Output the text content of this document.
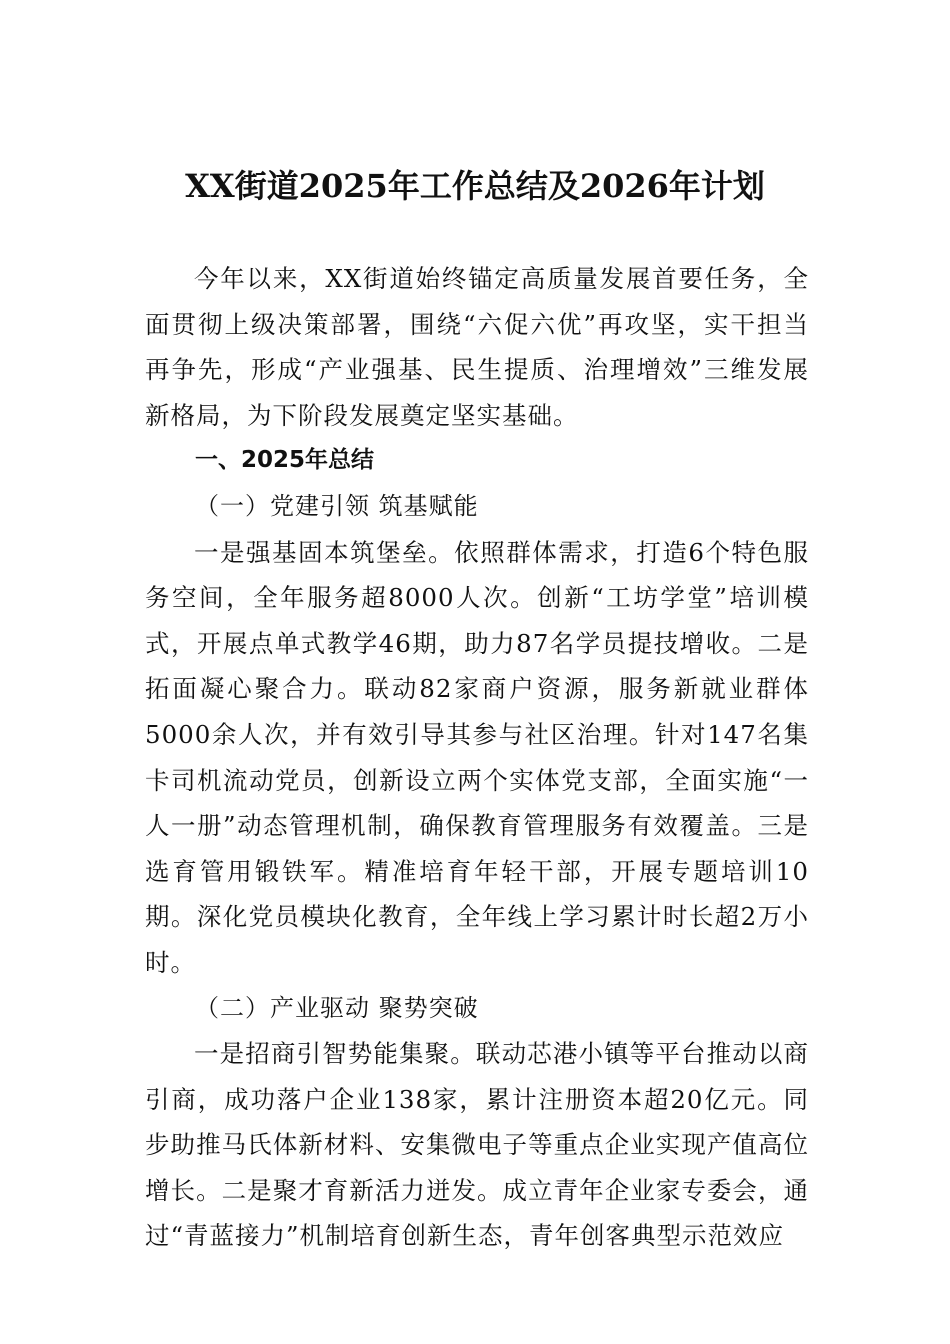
XX街道2025年工作总结及2026年计划

今年以来，XX街道始终锚定高质量发展首要任务，全面贯彻上级决策部署，围绕“六促六优”再攻坚，实干担当再争先，形成“产业强基、民生提质、治理增效”三维发展新格局，为下阶段发展奠定坚实基础。

一、2025年总结

（一）党建引领 筑基赋能

一是强基固本筑堡垒。依照群体需求，打造6个特色服务空间，全年服务超8000人次。创新“工坊学堂”培训模式，开展点单式教学46期，助力87名学员提技增收。二是拓面凝心聚合力。联动82家商户资源，服务新就业群体5000余人次，并有效引导其参与社区治理。针对147名集卡司机流动党员，创新设立两个实体党支部，全面实施“一人一册”动态管理机制，确保教育管理服务有效覆盖。三是选育管用锻铁军。精准培育年轻干部，开展专题培训10期。深化党员模块化教育，全年线上学习累计时长超2万小时。

（二）产业驱动 聚势突破

一是招商引智势能集聚。联动芯港小镇等平台推动以商引商，成功落户企业138家，累计注册资本超20亿元。同步助推马氏体新材料、安集微电子等重点企业实现产值高位增长。二是聚才育新活力迸发。成立青年企业家专委会，通过“青蓝接力”机制培育创新生态，青年创客典型示范效应
